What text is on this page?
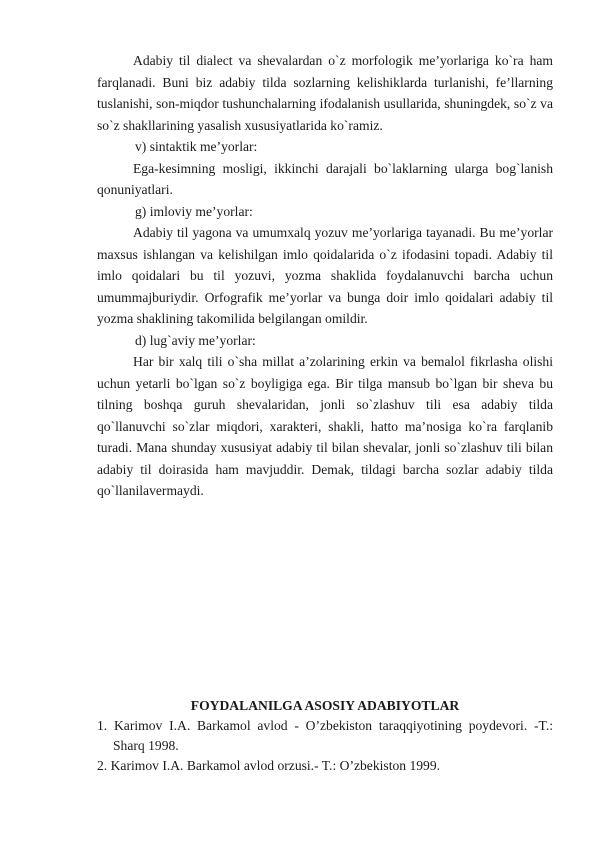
Adabiy til dialect va shevalardan o`z morfologik me’yorlariga ko`ra ham farqlanadi. Buni biz adabiy tilda sozlarning kelishiklarda turlanishi, fe’llarning tuslanishi, son-miqdor tushunchalarning ifodalanish usullarida, shuningdek, so`z va so`z shakllarining yasalish xususiyatlarida ko`ramiz.

v) sintaktik me’yorlar:

Ega-kesimning mosligi, ikkinchi darajali bo`laklarning ularga bog`lanish qonuniyatlari.

g) imloviy me’yorlar:

Adabiy til yagona va umumxalq yozuv me’yorlariga tayanadi. Bu me’yorlar maxsus ishlangan va kelishilgan imlo qoidalarida o`z ifodasini topadi. Adabiy til imlo qoidalari bu til yozuvi, yozma shaklida foydalanuvchi barcha uchun umummajburiydir. Orfografik me’yorlar va bunga doir imlo qoidalari adabiy til yozma shaklining takomilida belgilangan omildir.

d) lug`aviy me’yorlar:

Har bir xalq tili o`sha millat a’zolarining erkin va bemalol fikrlasha olishi uchun yetarli bo`lgan so`z boyligiga ega. Bir tilga mansub bo`lgan bir sheva bu tilning boshqa guruh shevalaridan, jonli so`zlashuv tili esa adabiy tilda qo`llanuvchi so`zlar miqdori, xarakteri, shakli, hatto ma’nosiga ko`ra farqlanib turadi. Mana shunday xususiyat adabiy til bilan shevalar, jonli so`zlashuv tili bilan adabiy til doirasida ham mavjuddir. Demak, tildagi barcha sozlar adabiy tilda qo`llanilavermaydi.

FOYDALANILGA ASOSIY ADABIYOTLAR

1. Karimov I.A. Barkamol avlod - O’zbekiston taraqqiyotining poydevori. -T.: Sharq 1998.

2. Karimov I.A. Barkamol avlod orzusi.- T.: O’zbekiston 1999.
